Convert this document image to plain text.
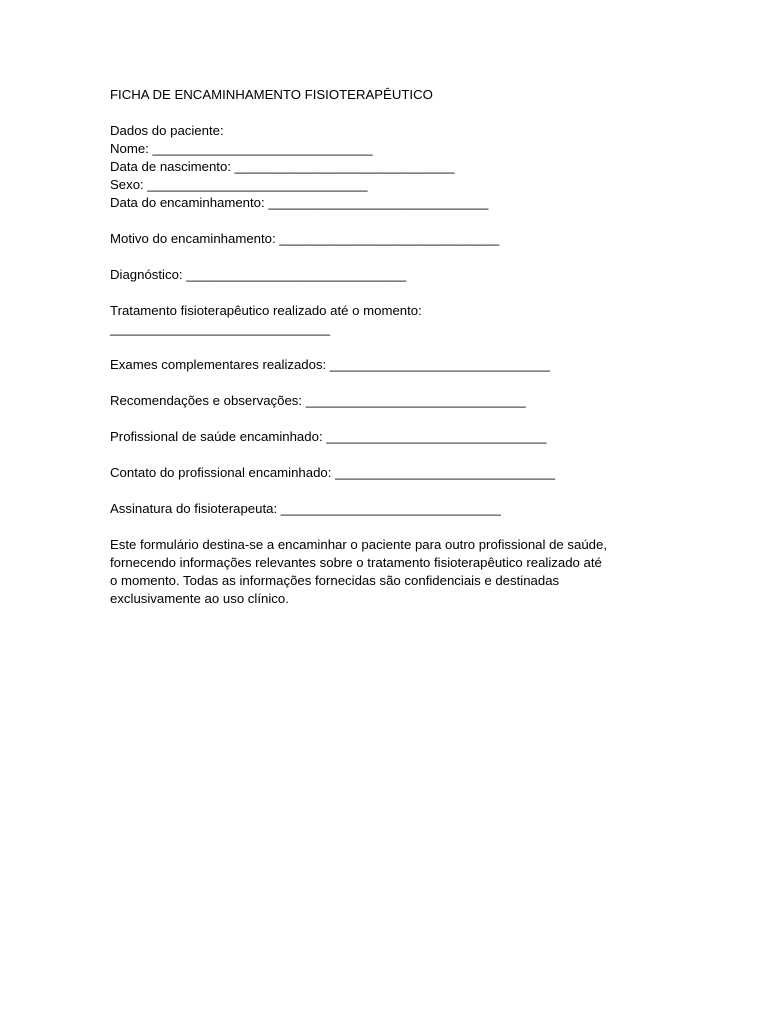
FICHA DE ENCAMINHAMENTO FISIOTERAPÊUTICO
Dados do paciente:
Nome: ______________________________
Data de nascimento: ______________________________
Sexo: ______________________________
Data do encaminhamento: ______________________________
Motivo do encaminhamento: ______________________________
Diagnóstico: ______________________________
Tratamento fisioterapêutico realizado até o momento:
______________________________
Exames complementares realizados: ______________________________
Recomendações e observações: ______________________________
Profissional de saúde encaminhado: ______________________________
Contato do profissional encaminhado: ______________________________
Assinatura do fisioterapeuta: ______________________________
Este formulário destina-se a encaminhar o paciente para outro profissional de saúde,
fornecendo informações relevantes sobre o tratamento fisioterapêutico realizado até
o momento. Todas as informações fornecidas são confidenciais e destinadas
exclusivamente ao uso clínico.
